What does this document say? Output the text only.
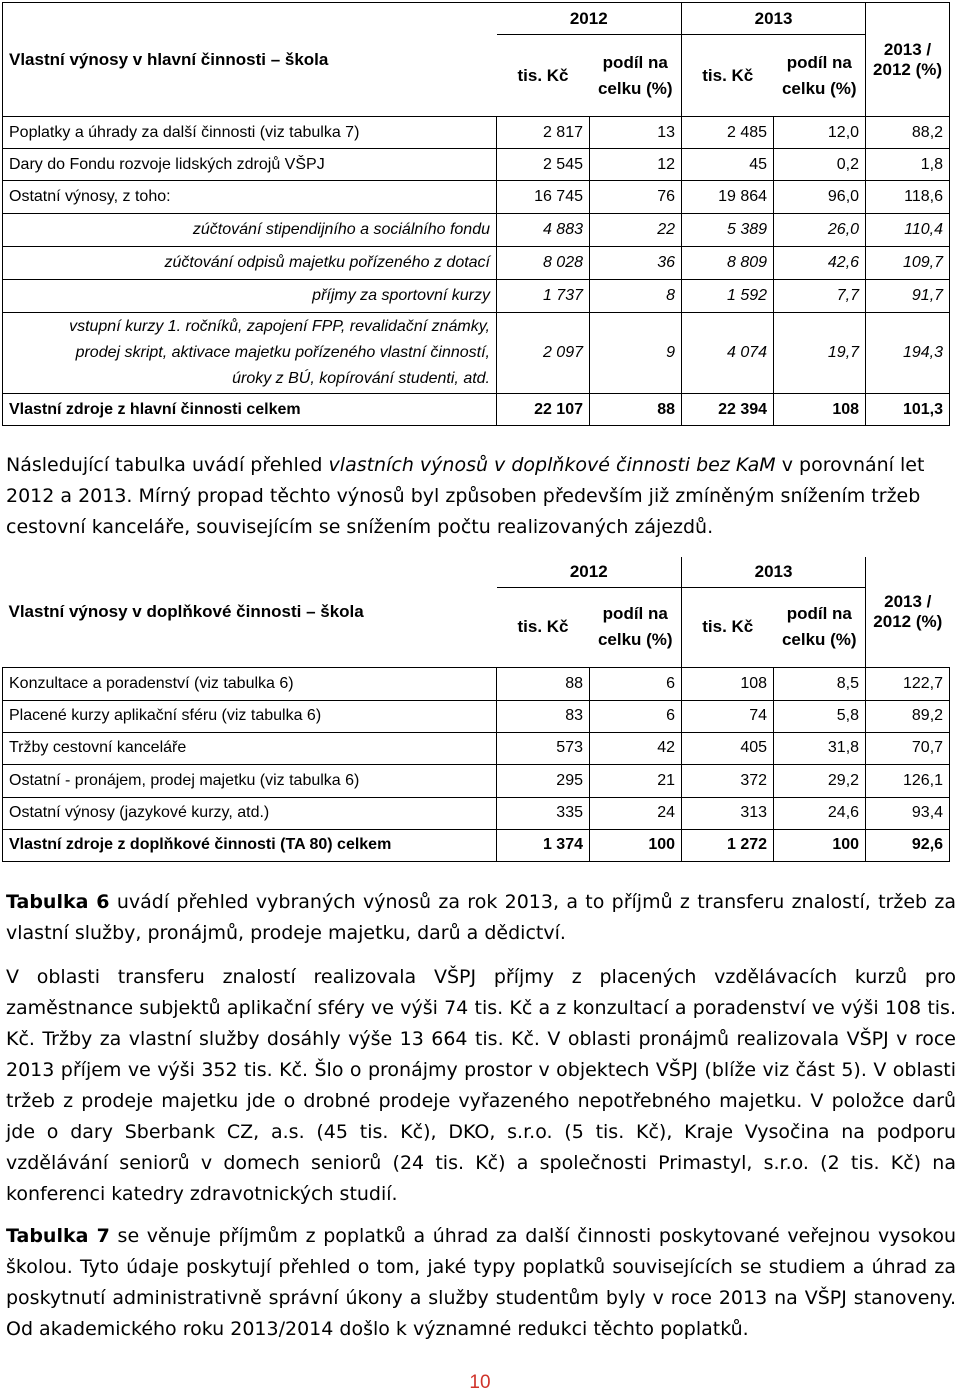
Vlastní výnosy v hlavní činnosti – škola	2012		2013		2013 / 2012 (%)
	tis. Kč	podíl na celku (%)	tis. Kč	podíl na celku (%)	

Poplatky a úhrady za další činnosti (viz tabulka 7)	2 817	13	2 485	12,0	88,2
Dary do Fondu rozvoje lidských zdrojů VŠPJ	2 545	12	45	0,2	1,8
Ostatní výnosy, z toho:	16 745	76	19 864	96,0	118,6
zúčtování stipendijního a sociálního fondu	4 883	22	5 389	26,0	110,4
zúčtování odpisů majetku pořízeného z dotací	8 028	36	8 809	42,6	109,7
příjmy za sportovní kurzy	1 737	8	1 592	7,7	91,7
vstupní kurzy 1. ročníků, zapojení FPP, revalidační známky, prodej skript, aktivace majetku pořízeného vlastní činností, úroky z BÚ, kopírování studenti, atd.	2 097	9	4 074	19,7	194,3
Vlastní zdroje z hlavní činnosti celkem	22 107	88	22 394	108	101,3

Následující tabulka uvádí přehled vlastních výnosů v doplňkové činnosti bez KaM v porovnání let 2012 a 2013. Mírný propad těchto výnosů byl způsoben především již zmíněným snížením tržeb cestovní kanceláře, souvisejícím se snížením počtu realizovaných zájezdů.

Vlastní výnosy v doplňkové činnosti – škola	2012		2013		2013 / 2012 (%)
	tis. Kč	podíl na celku (%)	tis. Kč	podíl na celku (%)	

Konzultace a poradenství (viz tabulka 6)	88	6	108	8,5	122,7
Placené kurzy aplikační sféru (viz tabulka 6)	83	6	74	5,8	89,2
Tržby cestovní kanceláře	573	42	405	31,8	70,7
Ostatní - pronájem, prodej majetku (viz tabulka 6)	295	21	372	29,2	126,1
Ostatní výnosy (jazykové kurzy, atd.)	335	24	313	24,6	93,4
Vlastní zdroje z doplňkové činnosti (TA 80) celkem	1 374	100	1 272	100	92,6

Tabulka 6 uvádí přehled vybraných výnosů za rok 2013, a to příjmů z transferu znalostí, tržeb za vlastní služby, pronájmů, prodeje majetku, darů a dědictví.

V oblasti transferu znalostí realizovala VŠPJ příjmy z placených vzdělávacích kurzů pro zaměstnance subjektů aplikační sféry ve výši 74 tis. Kč a z konzultací a poradenství ve výši 108 tis. Kč. Tržby za vlastní služby dosáhly výše 13 664 tis. Kč. V oblasti pronájmů realizovala VŠPJ v roce 2013 příjem ve výši 352 tis. Kč. Šlo o pronájmy prostor v objektech VŠPJ (blíže viz část 5). V oblasti tržeb z prodeje majetku jde o drobné prodeje vyřazeného nepotřebného majetku. V položce darů jde o dary Sberbank CZ, a.s. (45 tis. Kč), DKO, s.r.o. (5 tis. Kč), Kraje Vysočina na podporu vzdělávání seniorů v domech seniorů (24 tis. Kč) a společnosti Primastyl, s.r.o. (2 tis. Kč) na konferenci katedry zdravotnických studií.

Tabulka 7 se věnuje příjmům z poplatků a úhrad za další činnosti poskytované veřejnou vysokou školou. Tyto údaje poskytují přehled o tom, jaké typy poplatků souvisejících se studiem a úhrad za poskytnutí administrativně správní úkony a služby studentům byly v roce 2013 na VŠPJ stanoveny. Od akademického roku 2013/2014 došlo k významné redukci těchto poplatků.

10
